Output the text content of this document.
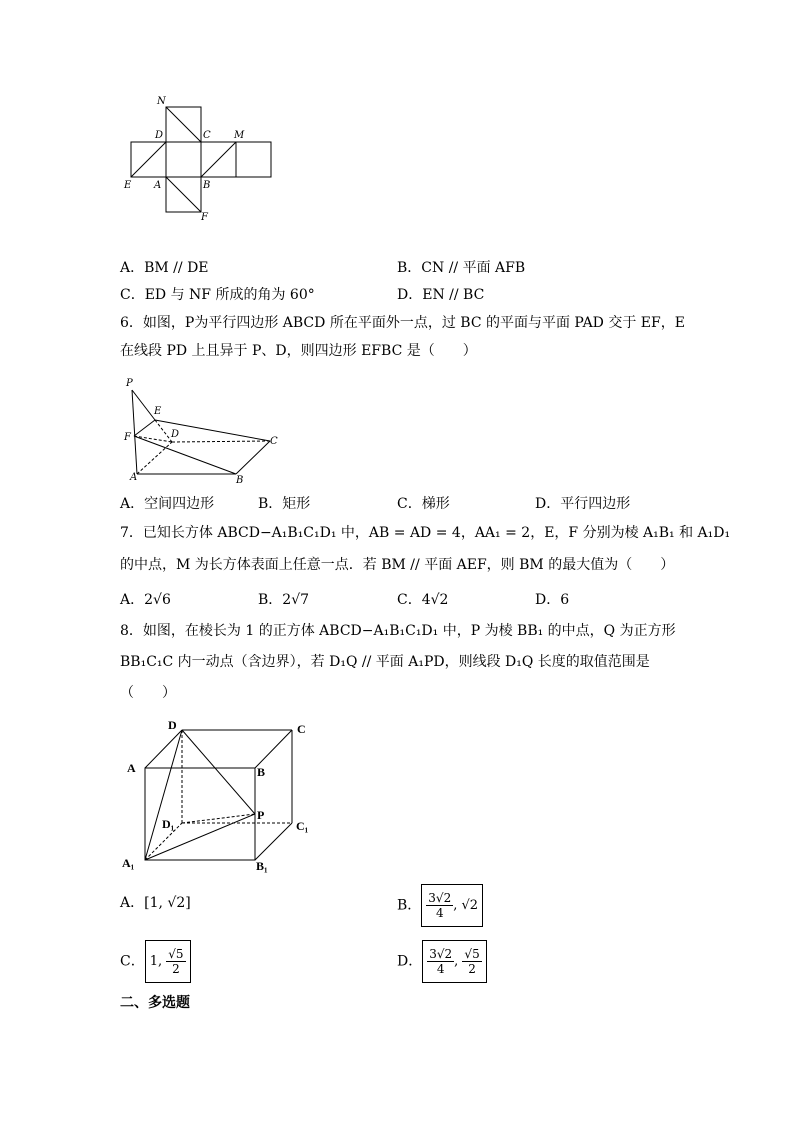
N
D	C M
E A	B
F
A．BM // DE	B．CN // 平面 AFB
C．ED 与 NF 所成的角为 60°	D．EN // BC
6．如图，P为平行四边形 ABCD 所在平面外一点，过 BC 的平面与平面 PAD 交于 EF，E
在线段 PD 上且异于 P、D，则四边形 EFBC 是（　　）
P
E
D
F	C
A	B
A．空间四边形	B．矩形	C．梯形	D．平行四边形
7．已知长方体 ABCD−A₁B₁C₁D₁ 中，AB = AD = 4，AA₁ = 2，E，F 分别为棱 A₁B₁ 和 A₁D₁
的中点，M 为长方体表面上任意一点．若 BM // 平面 AEF，则 BM 的最大值为（　　）
A．2√6	B．2√7	C．4√2	D．6
8．如图，在棱长为 1 的正方体 ABCD−A₁B₁C₁D₁ 中，P 为棱 BB₁ 的中点，Q 为正方形
BB₁C₁C 内一动点（含边界），若 D₁Q // 平面 A₁PD，则线段 D₁Q 长度的取值范围是
（　　）
D	C
A	B
P
D₁	C₁
A₁	B₁
A．[1, √2]	B． $\frac{3√2}{4}$ , √2
C． 1, $\frac{√5}{2}$	D． $\frac{3√2}{4}$ , $\frac{√5}{2}$
二、多选题
